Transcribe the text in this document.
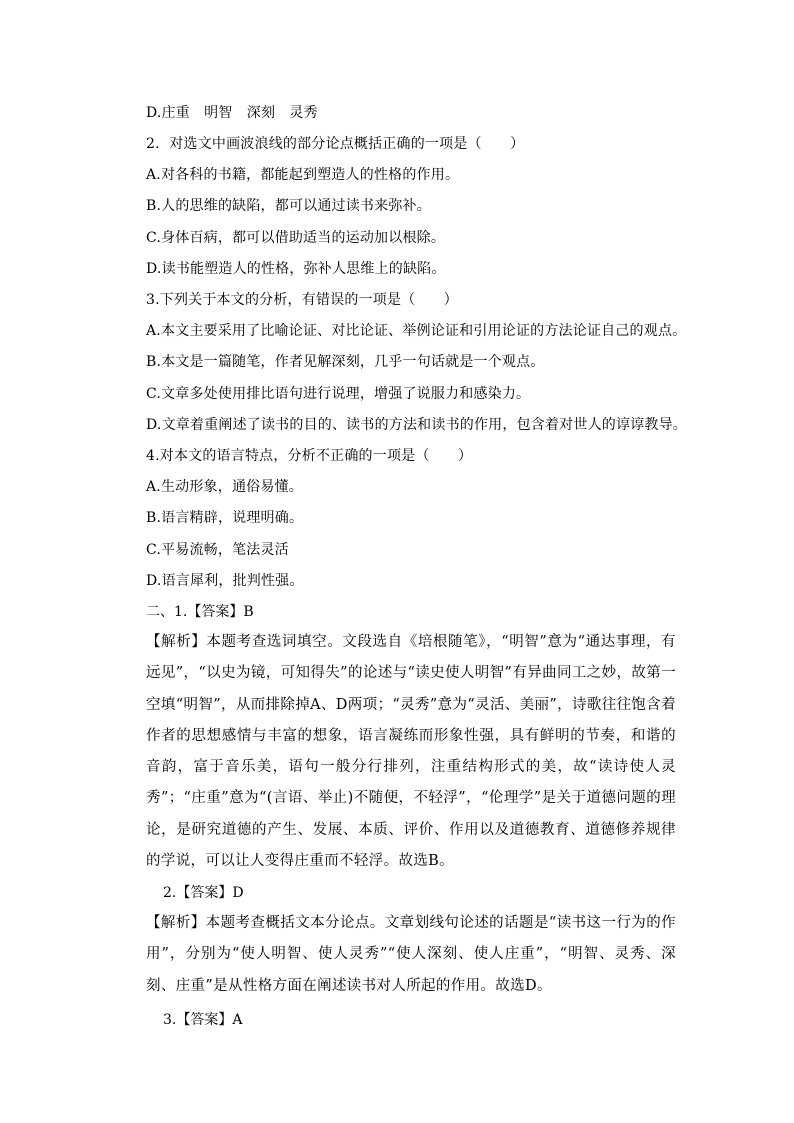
D.庄重　明智　深刻　灵秀
2．对选文中画波浪线的部分论点概括正确的一项是（　　）
A.对各科的书籍，都能起到塑造人的性格的作用。
B.人的思维的缺陷，都可以通过读书来弥补。
C.身体百病，都可以借助适当的运动加以根除。
D.读书能塑造人的性格，弥补人思维上的缺陷。
3.下列关于本文的分析，有错误的一项是（　　）
A.本文主要采用了比喻论证、对比论证、举例论证和引用论证的方法论证自己的观点。
B.本文是一篇随笔，作者见解深刻，几乎一句话就是一个观点。
C.文章多处使用排比语句进行说理，增强了说服力和感染力。
D.文章着重阐述了读书的目的、读书的方法和读书的作用，包含着对世人的谆谆教导。
4.对本文的语言特点，分析不正确的一项是（　　）
A.生动形象，通俗易懂。
B.语言精辟，说理明确。
C.平易流畅，笔法灵活
D.语言犀利，批判性强。
二、1.【答案】B
【解析】本题考查选词填空。文段选自《培根随笔》，“明智”意为“通达事理，有远见”，“以史为镜，可知得失”的论述与“读史使人明智”有异曲同工之妙，故第一空填“明智”，从而排除掉A、D两项；“灵秀”意为“灵活、美丽”，诗歌往往饱含着作者的思想感情与丰富的想象，语言凝练而形象性强，具有鲜明的节奏，和谐的音韵，富于音乐美，语句一般分行排列，注重结构形式的美，故“读诗使人灵秀”；“庄重”意为“(言语、举止)不随便，不轻浮”，“伦理学”是关于道德问题的理论，是研究道德的产生、发展、本质、评价、作用以及道德教育、道德修养规律的学说，可以让人变得庄重而不轻浮。故选B。
2.【答案】D
【解析】本题考查概括文本分论点。文章划线句论述的话题是“读书这一行为的作用”，分别为“使人明智、使人灵秀”“使人深刻、使人庄重”，“明智、灵秀、深刻、庄重”是从性格方面在阐述读书对人所起的作用。故选D。
3.【答案】A
